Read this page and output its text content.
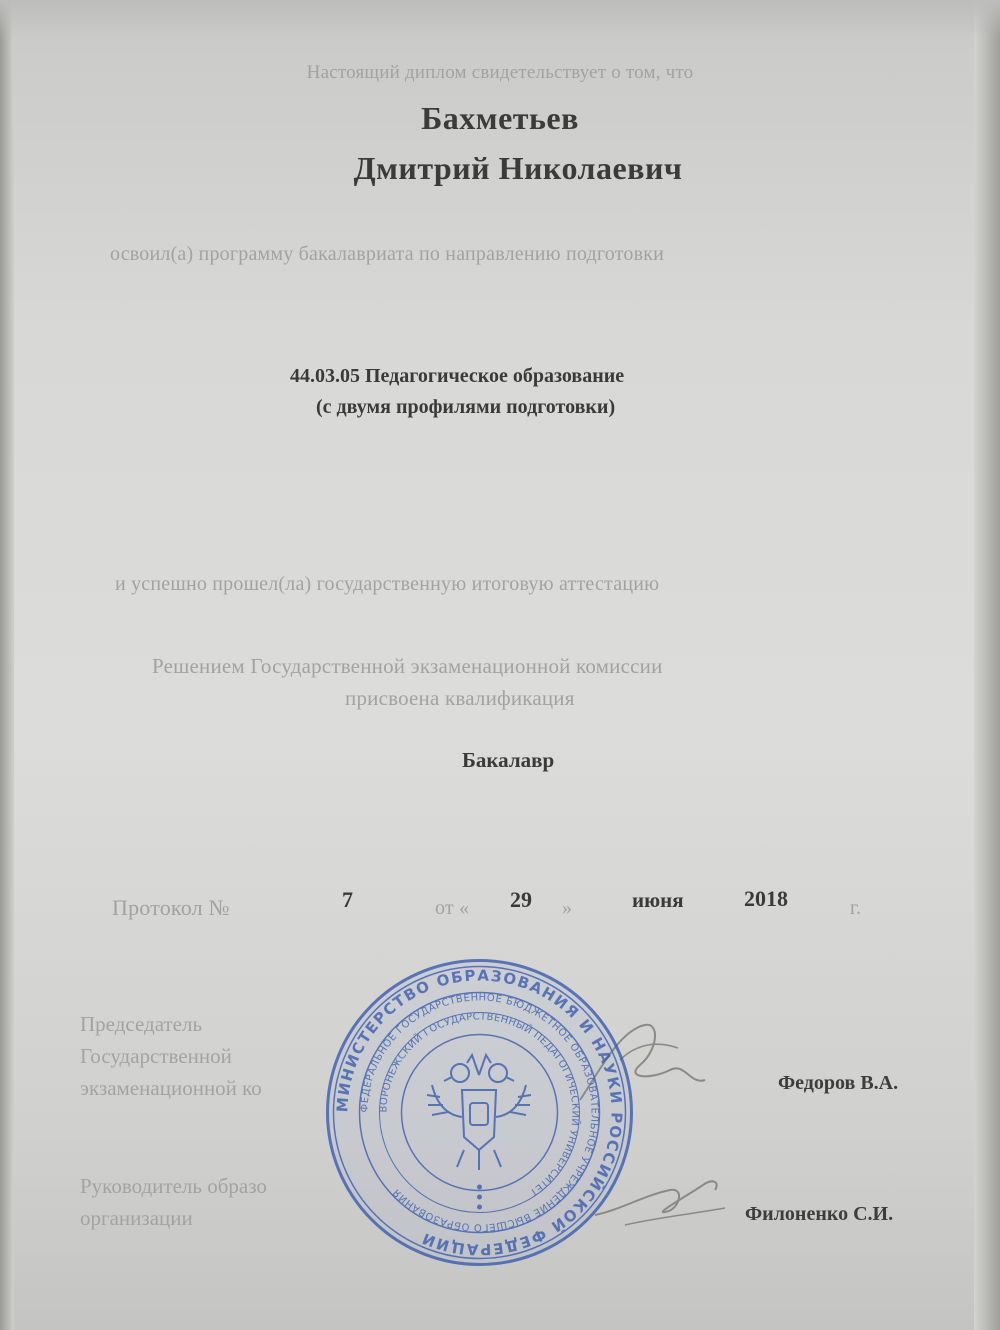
Настоящий диплом свидетельствует о том, что
Бахметьев
Дмитрий Николаевич
освоил(а) программу бакалавриата по направлению подготовки
44.03.05 Педагогическое образование
(с двумя профилями подготовки)
и успешно прошел(ла) государственную итоговую аттестацию
Решением Государственной экзаменационной комиссии
присвоена квалификация
Бакалавр
Протокол №	7	от « 29 »	июня	2018	г.
Председатель
Государственной
экзаменационной ко	Федоров В.А.
Руководитель образо
организации	Филоненко С.И.
МИНИСТЕРСТВО ОБРАЗОВАНИЯ И НАУКИ РОССИЙСКОЙ ФЕДЕРАЦИИ
ФЕДЕРАЛЬНОЕ ГОСУДАРСТВЕННОЕ БЮДЖЕТНОЕ ОБРАЗОВАТЕЛЬНОЕ УЧРЕЖДЕНИЕ ВЫСШЕГО ОБРАЗОВАНИЯ
ВОРОНЕЖСКИЙ ГОСУДАРСТВЕННЫЙ ПЕДАГОГИЧЕСКИЙ УНИВЕРСИТЕТ
